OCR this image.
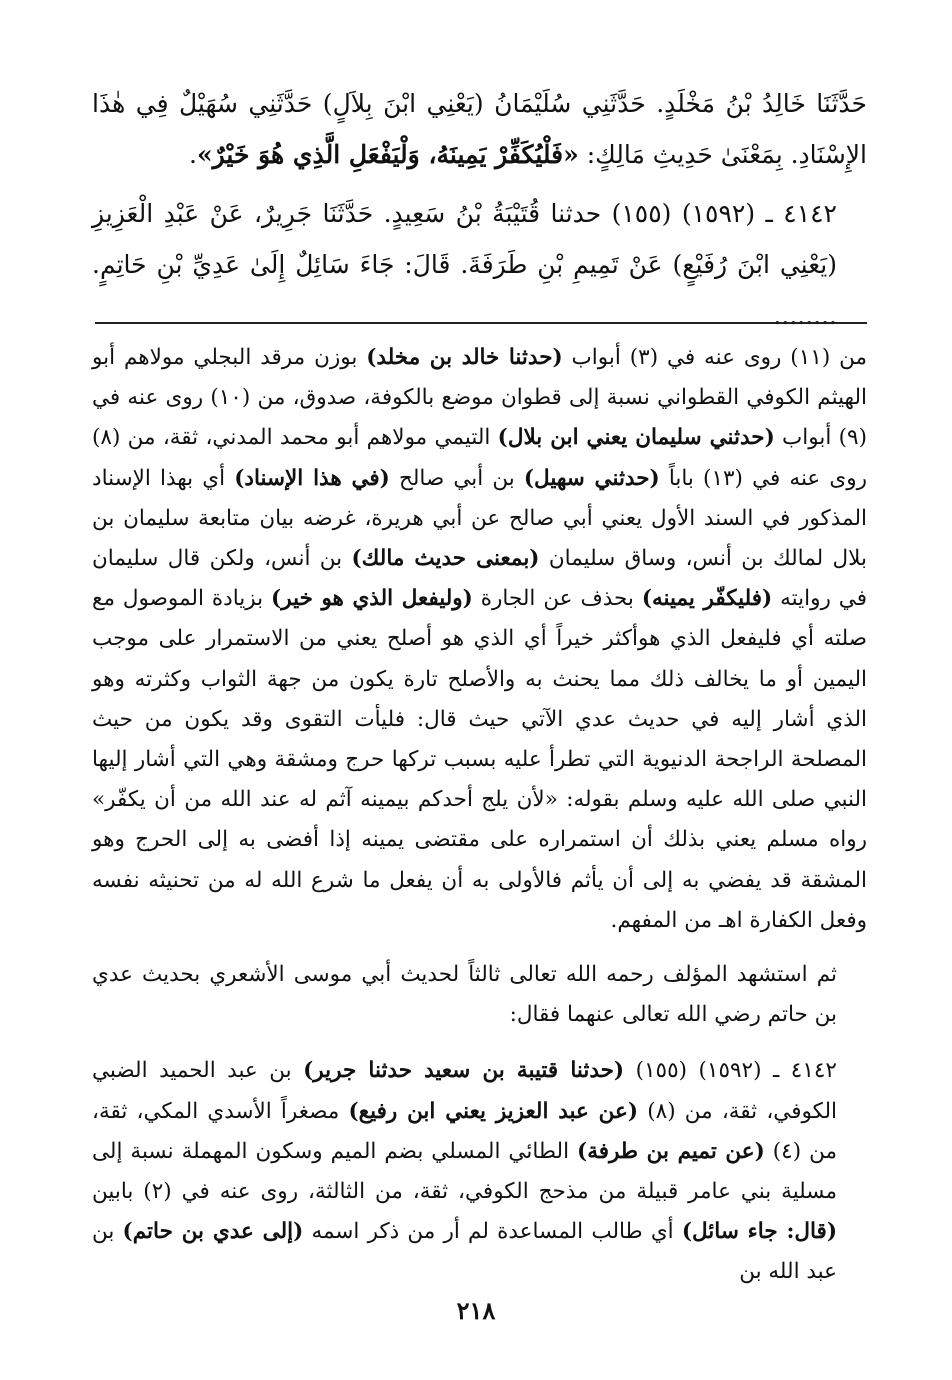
حَدَّثَنَا خَالِدُ بْنُ مَخْلَدٍ. حَدَّثَنِي سُلَيْمَانُ (يَعْنِي ابْنَ بِلاَلٍ) حَدَّثَنِي سُهَيْلٌ فِي هٰذَا الإِسْنَادِ. بِمَعْنَىٰ حَدِيثِ مَالِكٍ: «فَلْيُكَفِّرْ يَمِينَهُ، وَلْيَفْعَلِ الَّذِي هُوَ خَيْرٌ».

٤١٤٢ ـ (١٥٩٢) (١٥٥) حدثنا قُتَيْبَةُ بْنُ سَعِيدٍ. حَدَّثَنَا جَرِيرٌ، عَنْ عَبْدِ الْعَزِيزِ (يَعْنِي ابْنَ رُفَيْعٍ) عَنْ تَمِيمِ بْنِ طَرَفَةَ. قَالَ: جَاءَ سَائِلٌ إِلَىٰ عَدِيِّ بْنِ حَاتِمٍ. ........

من (١١) روى عنه في (٣) أبواب (حدثنا خالد بن مخلد) بوزن مرقد البجلي مولاهم أبو الهيثم الكوفي القطواني نسبة إلى قطوان موضع بالكوفة، صدوق، من (١٠) روى عنه في (٩) أبواب (حدثني سليمان يعني ابن بلال) التيمي مولاهم أبو محمد المدني، ثقة، من (٨) روى عنه في (١٣) باباً (حدثني سهيل) بن أبي صالح (في هذا الإسناد) أي بهذا الإسناد المذكور في السند الأول يعني أبي صالح عن أبي هريرة، غرضه بيان متابعة سليمان بن بلال لمالك بن أنس، وساق سليمان (بمعنى حديث مالك) بن أنس، ولكن قال سليمان في روايته (فليكفّر يمينه) بحذف عن الجارة (وليفعل الذي هو خير) بزيادة الموصول مع صلته أي فليفعل الذي هوأكثر خيراً أي الذي هو أصلح يعني من الاستمرار على موجب اليمين أو ما يخالف ذلك مما يحنث به والأصلح تارة يكون من جهة الثواب وكثرته وهو الذي أشار إليه في حديث عدي الآتي حيث قال: فليأت التقوى وقد يكون من حيث المصلحة الراجحة الدنيوية التي تطرأ عليه بسبب تركها حرج ومشقة وهي التي أشار إليها النبي صلى الله عليه وسلم بقوله: «لأن يلج أحدكم بيمينه آثم له عند الله من أن يكفّر» رواه مسلم يعني بذلك أن استمراره على مقتضى يمينه إذا أفضى به إلى الحرج وهو المشقة قد يفضي به إلى أن يأثم فالأولى به أن يفعل ما شرع الله له من تحنيثه نفسه وفعل الكفارة اهـ من المفهم.

ثم استشهد المؤلف رحمه الله تعالى ثالثاً لحديث أبي موسى الأشعري بحديث عدي بن حاتم رضي الله تعالى عنهما فقال:

٤١٤٢ ـ (١٥٩٢) (١٥٥) (حدثنا قتيبة بن سعيد حدثنا جرير) بن عبد الحميد الضبي الكوفي، ثقة، من (٨) (عن عبد العزيز يعني ابن رفيع) مصغراً الأسدي المكي، ثقة، من (٤) (عن تميم بن طرفة) الطائي المسلي بضم الميم وسكون المهملة نسبة إلى مسلية بني عامر قبيلة من مذحج الكوفي، ثقة، من الثالثة، روى عنه في (٢) بابين (قال: جاء سائل) أي طالب المساعدة لم أر من ذكر اسمه (إلى عدي بن حاتم) بن عبد الله بن

٢١٨
